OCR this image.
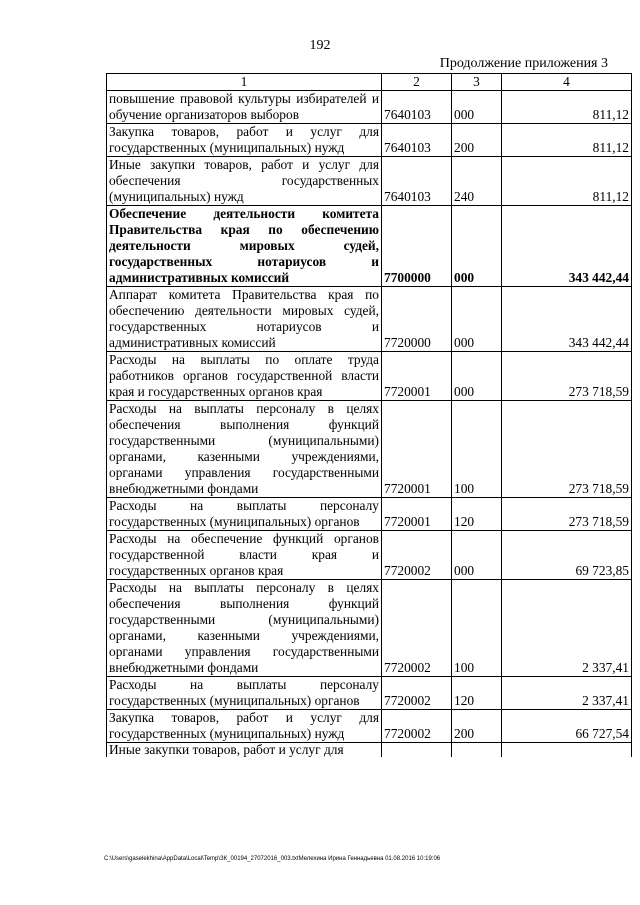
192
Продолжение приложения 3
1	2	3	4
повышение правовой культуры избирателей и обучение организаторов выборов	7640103	000	811,12
Закупка товаров, работ и услуг для государственных (муниципальных) нужд	7640103	200	811,12
Иные закупки товаров, работ и услуг для обеспечения государственных (муниципальных) нужд	7640103	240	811,12
Обеспечение деятельности комитета Правительства края по обеспечению деятельности мировых судей, государственных нотариусов и административных комиссий	7700000	000	343 442,44
Аппарат комитета Правительства края по обеспечению деятельности мировых судей, государственных нотариусов и административных комиссий	7720000	000	343 442,44
Расходы на выплаты по оплате труда работников органов государственной власти края и государственных органов края	7720001	000	273 718,59
Расходы на выплаты персоналу в целях обеспечения выполнения функций государственными (муниципальными) органами, казенными учреждениями, органами управления государственными внебюджетными фондами	7720001	100	273 718,59
Расходы на выплаты персоналу государственных (муниципальных) органов	7720001	120	273 718,59
Расходы на обеспечение функций органов государственной власти края и государственных органов края	7720002	000	69 723,85
Расходы на выплаты персоналу в целях обеспечения выполнения функций государственными (муниципальными) органами, казенными учреждениями, органами управления государственными внебюджетными фондами	7720002	100	2 337,41
Расходы на выплаты персоналу государственных (муниципальных) органов	7720002	120	2 337,41
Закупка товаров, работ и услуг для государственных (муниципальных) нужд	7720002	200	66 727,54
Иные закупки товаров, работ и услуг для			
C:\Users\gaselekhina\AppData\Local\Temp\ЗК_00194_27072016_003.txtМелехина Ирина Геннадьевна 01.08.2016 10:19:06
